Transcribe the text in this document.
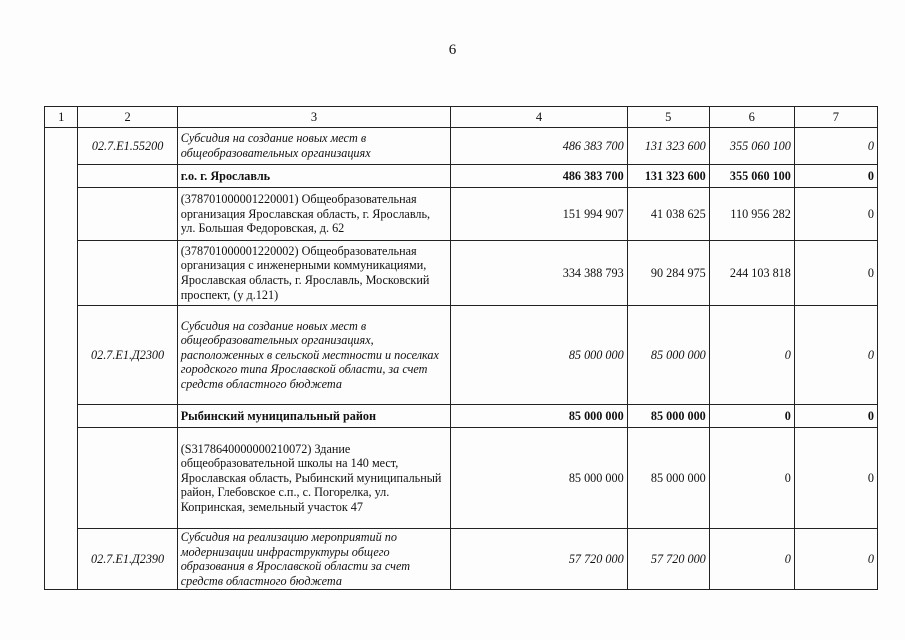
6
1	2	3	4	5	6	7
	02.7.E1.55200	Субсидия на создание новых мест в общеобразовательных организациях	486 383 700	131 323 600	355 060 100	0
		г.о. г. Ярославль	486 383 700	131 323 600	355 060 100	0
		(378701000001220001) Общеобразовательная организация Ярославская область, г. Ярославль, ул. Большая Федоровская, д. 62	151 994 907	41 038 625	110 956 282	0
		(378701000001220002) Общеобразовательная организация с инженерными коммуникациями, Ярославская область, г. Ярославль, Московский проспект, (у д.121)	334 388 793	90 284 975	244 103 818	0
	02.7.E1.Д2300	Субсидия на создание новых мест в общеобразовательных организациях, расположенных в сельской местности и поселках городского типа Ярославской области, за счет средств областного бюджета	85 000 000	85 000 000	0	0
		Рыбинский муниципальный район	85 000 000	85 000 000	0	0
		(S3178640000000210072) Здание общеобразовательной школы на 140 мест, Ярославская область, Рыбинский муниципальный район, Глебовское с.п., с. Погорелка, ул. Копринская, земельный участок 47	85 000 000	85 000 000	0	0
	02.7.E1.Д2390	Субсидия на реализацию мероприятий по модернизации инфраструктуры общего образования в Ярославской области за счет средств областного бюджета	57 720 000	57 720 000	0	0
